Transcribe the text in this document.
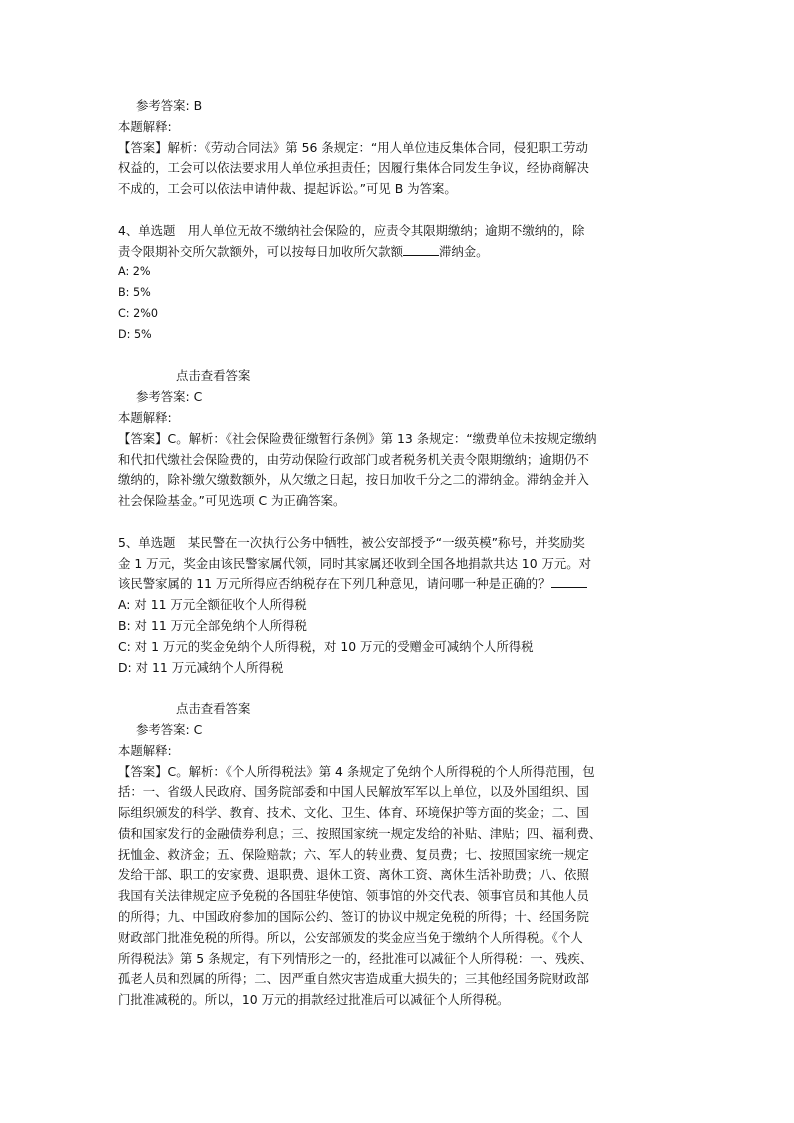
参考答案: B
本题解释:
【答案】解析：《劳动合同法》第 56 条规定：“用人单位违反集体合同，侵犯职工劳动
权益的，工会可以依法要求用人单位承担责任；因履行集体合同发生争议，经协商解决
不成的，工会可以依法申请仲裁、提起诉讼。”可见 B 为答案。
4、单选题　用人单位无故不缴纳社会保险的，应责令其限期缴纳；逾期不缴纳的，除
责令限期补交所欠款额外，可以按每日加收所欠款额	滞纳金。
A: 2%
B: 5%
C: 2%0
D: 5%
点击查看答案
参考答案: C
本题解释:
【答案】C。解析：《社会保险费征缴暂行条例》第 13 条规定：“缴费单位未按规定缴纳
和代扣代缴社会保险费的，由劳动保险行政部门或者税务机关责令限期缴纳；逾期仍不
缴纳的，除补缴欠缴数额外，从欠缴之日起，按日加收千分之二的滞纳金。滞纳金并入
社会保险基金。”可见选项 C 为正确答案。
5、单选题　某民警在一次执行公务中牺牲，被公安部授予“一级英模”称号，并奖励奖
金 1 万元，奖金由该民警家属代领，同时其家属还收到全国各地捐款共达 10 万元。对
该民警家属的 11 万元所得应否纳税存在下列几种意见，请问哪一种是正确的？
A: 对 11 万元全额征收个人所得税
B: 对 11 万元全部免纳个人所得税
C: 对 1 万元的奖金免纳个人所得税，对 10 万元的受赠金可减纳个人所得税
D: 对 11 万元减纳个人所得税
点击查看答案
参考答案: C
本题解释:
【答案】C。解析：《个人所得税法》第 4 条规定了免纳个人所得税的个人所得范围，包
括：一、省级人民政府、国务院部委和中国人民解放军军以上单位，以及外国组织、国
际组织颁发的科学、教育、技术、文化、卫生、体育、环境保护等方面的奖金；二、国
债和国家发行的金融债券利息；三、按照国家统一规定发给的补贴、津贴；四、福利费、
抚恤金、救济金；五、保险赔款；六、军人的转业费、复员费；七、按照国家统一规定
发给干部、职工的安家费、退职费、退休工资、离休工资、离休生活补助费；八、依照
我国有关法律规定应予免税的各国驻华使馆、领事馆的外交代表、领事官员和其他人员
的所得；九、中国政府参加的国际公约、签订的协议中规定免税的所得；十、经国务院
财政部门批准免税的所得。所以，公安部颁发的奖金应当免于缴纳个人所得税。《个人
所得税法》第 5 条规定，有下列情形之一的，经批准可以减征个人所得税：一、残疾、
孤老人员和烈属的所得；二、因严重自然灾害造成重大损失的；三其他经国务院财政部
门批准减税的。所以，10 万元的捐款经过批准后可以减征个人所得税。
